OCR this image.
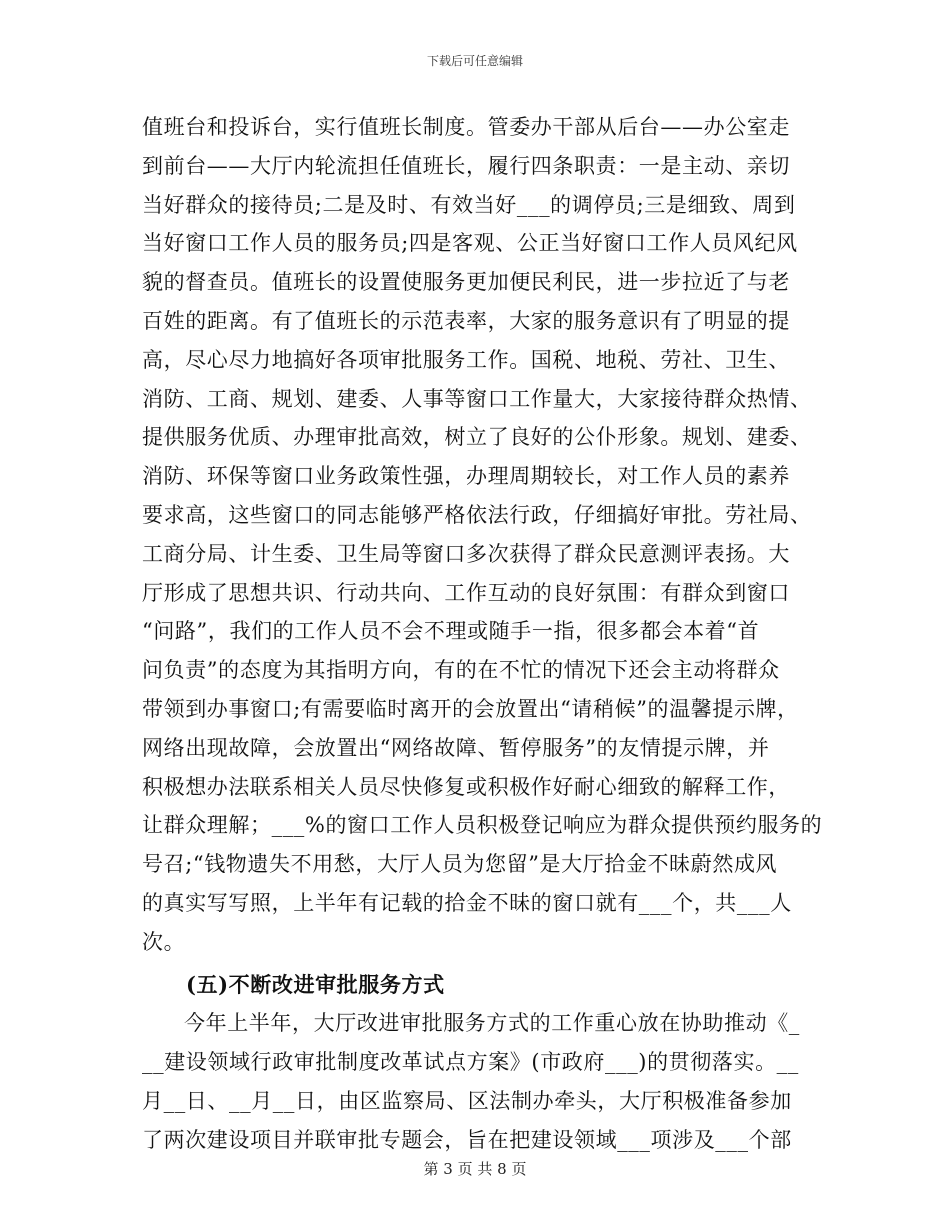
下载后可任意编辑
值班台和投诉台，实行值班长制度。管委办干部从后台——办公室走
到前台——大厅内轮流担任值班长，履行四条职责：一是主动、亲切
当好群众的接待员;二是及时、有效当好___的调停员;三是细致、周到
当好窗口工作人员的服务员;四是客观、公正当好窗口工作人员风纪风
貌的督查员。值班长的设置使服务更加便民利民，进一步拉近了与老
百姓的距离。有了值班长的示范表率，大家的服务意识有了明显的提
高，尽心尽力地搞好各项审批服务工作。国税、地税、劳社、卫生、
消防、工商、规划、建委、人事等窗口工作量大，大家接待群众热情、
提供服务优质、办理审批高效，树立了良好的公仆形象。规划、建委、
消防、环保等窗口业务政策性强，办理周期较长，对工作人员的素养
要求高，这些窗口的同志能够严格依法行政，仔细搞好审批。劳社局、
工商分局、计生委、卫生局等窗口多次获得了群众民意测评表扬。大
厅形成了思想共识、行动共向、工作互动的良好氛围：有群众到窗口
“问路”，我们的工作人员不会不理或随手一指，很多都会本着“首
问负责”的态度为其指明方向，有的在不忙的情况下还会主动将群众
带领到办事窗口;有需要临时离开的会放置出“请稍候”的温馨提示牌，
网络出现故障，会放置出“网络故障、暂停服务”的友情提示牌，并
积极想办法联系相关人员尽快修复或积极作好耐心细致的解释工作，
让群众理解；___%的窗口工作人员积极登记响应为群众提供预约服务的
号召;“钱物遗失不用愁，大厅人员为您留”是大厅拾金不昧蔚然成风
的真实写写照，上半年有记载的拾金不昧的窗口就有___个，共___人
次。
(五)不断改进审批服务方式
今年上半年，大厅改进审批服务方式的工作重心放在协助推动《_
__建设领域行政审批制度改革试点方案》(市政府___)的贯彻落实。__
月__日、__月__日，由区监察局、区法制办牵头，大厅积极准备参加
了两次建设项目并联审批专题会，旨在把建设领域___项涉及___个部
第 3 页 共 8 页
